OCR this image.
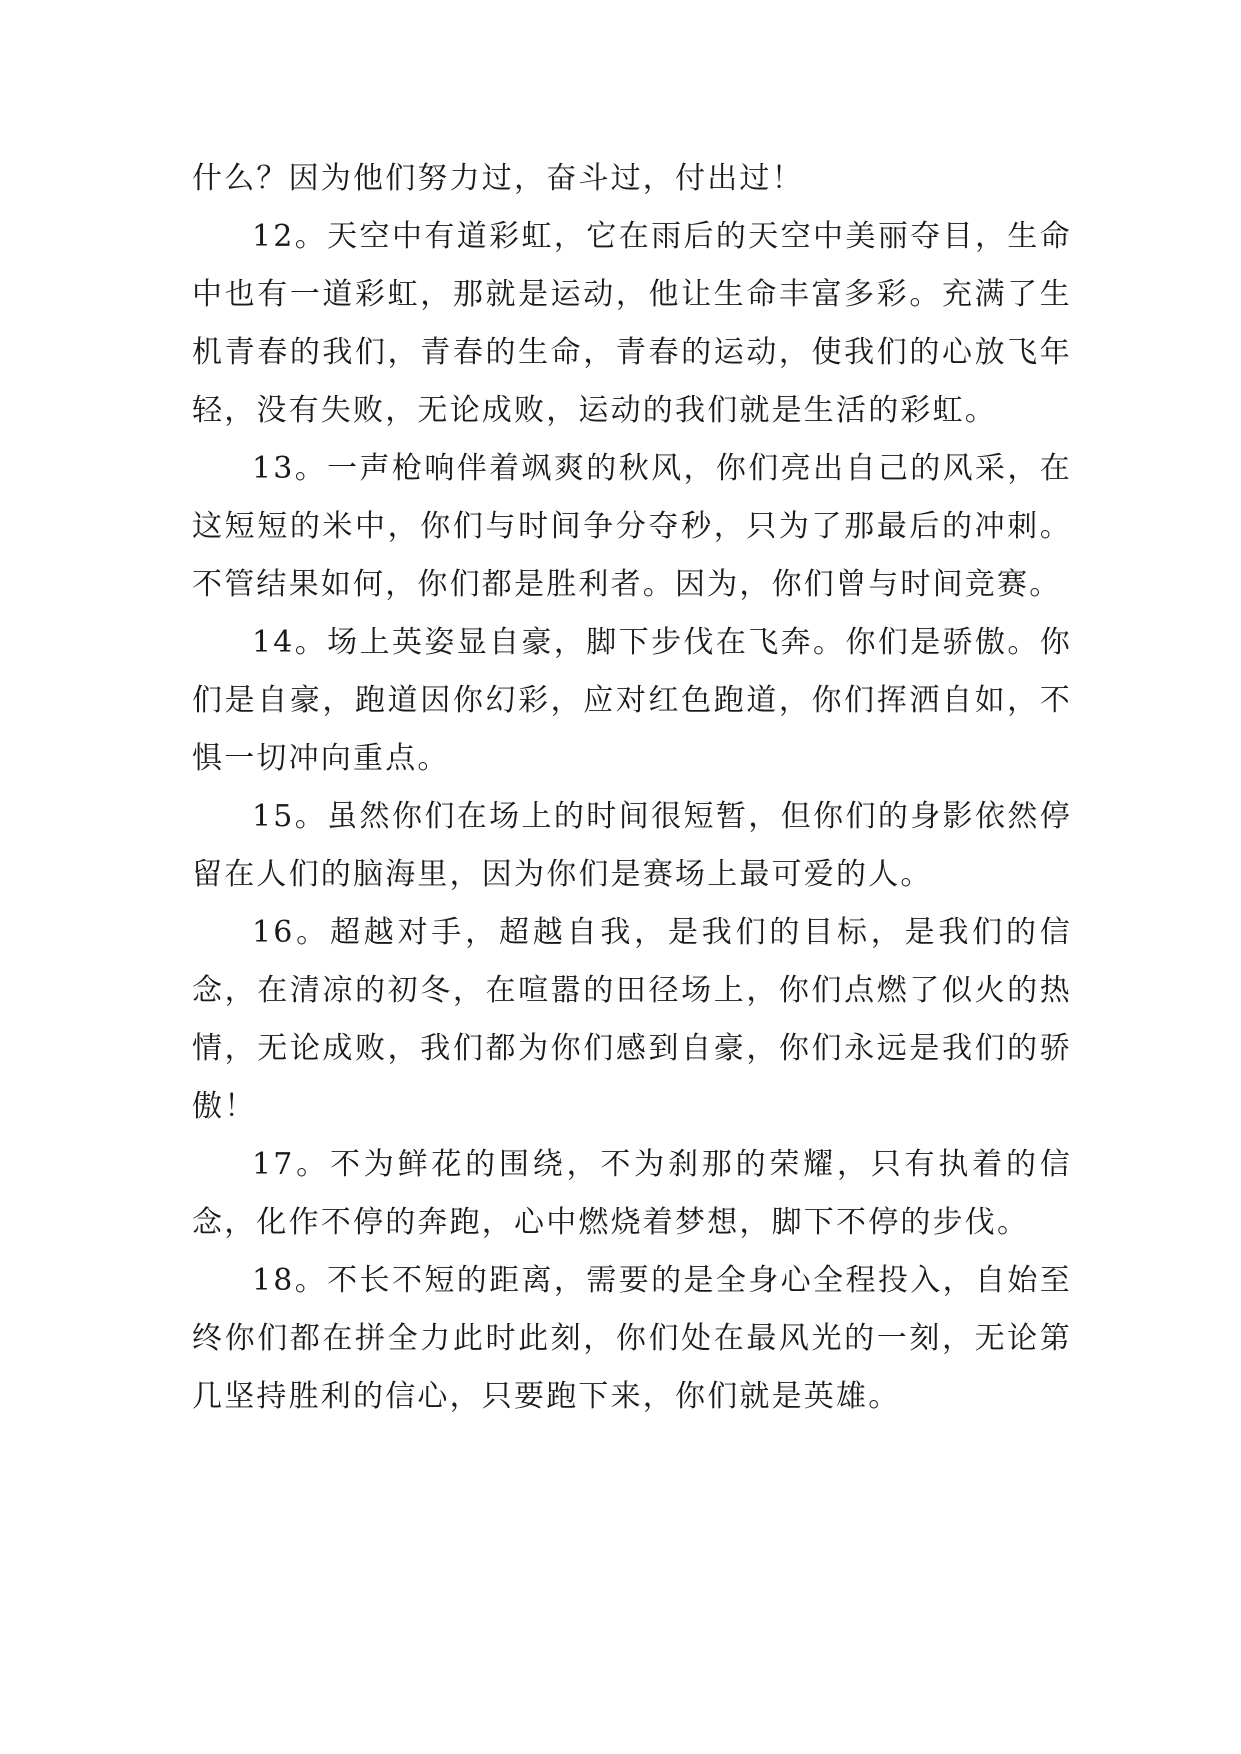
什么？因为他们努力过，奋斗过，付出过！

12。天空中有道彩虹，它在雨后的天空中美丽夺目，生命中也有一道彩虹，那就是运动，他让生命丰富多彩。充满了生机青春的我们，青春的生命，青春的运动，使我们的心放飞年轻，没有失败，无论成败，运动的我们就是生活的彩虹。

13。一声枪响伴着飒爽的秋风，你们亮出自己的风采，在这短短的米中，你们与时间争分夺秒，只为了那最后的冲刺。不管结果如何，你们都是胜利者。因为，你们曾与时间竞赛。

14。场上英姿显自豪，脚下步伐在飞奔。你们是骄傲。你们是自豪，跑道因你幻彩，应对红色跑道，你们挥洒自如，不惧一切冲向重点。

15。虽然你们在场上的时间很短暂，但你们的身影依然停留在人们的脑海里，因为你们是赛场上最可爱的人。

16。超越对手，超越自我，是我们的目标，是我们的信念，在清凉的初冬，在喧嚣的田径场上，你们点燃了似火的热情，无论成败，我们都为你们感到自豪，你们永远是我们的骄傲！

17。不为鲜花的围绕，不为刹那的荣耀，只有执着的信念，化作不停的奔跑，心中燃烧着梦想，脚下不停的步伐。

18。不长不短的距离，需要的是全身心全程投入，自始至终你们都在拼全力此时此刻，你们处在最风光的一刻，无论第几坚持胜利的信心，只要跑下来，你们就是英雄。
